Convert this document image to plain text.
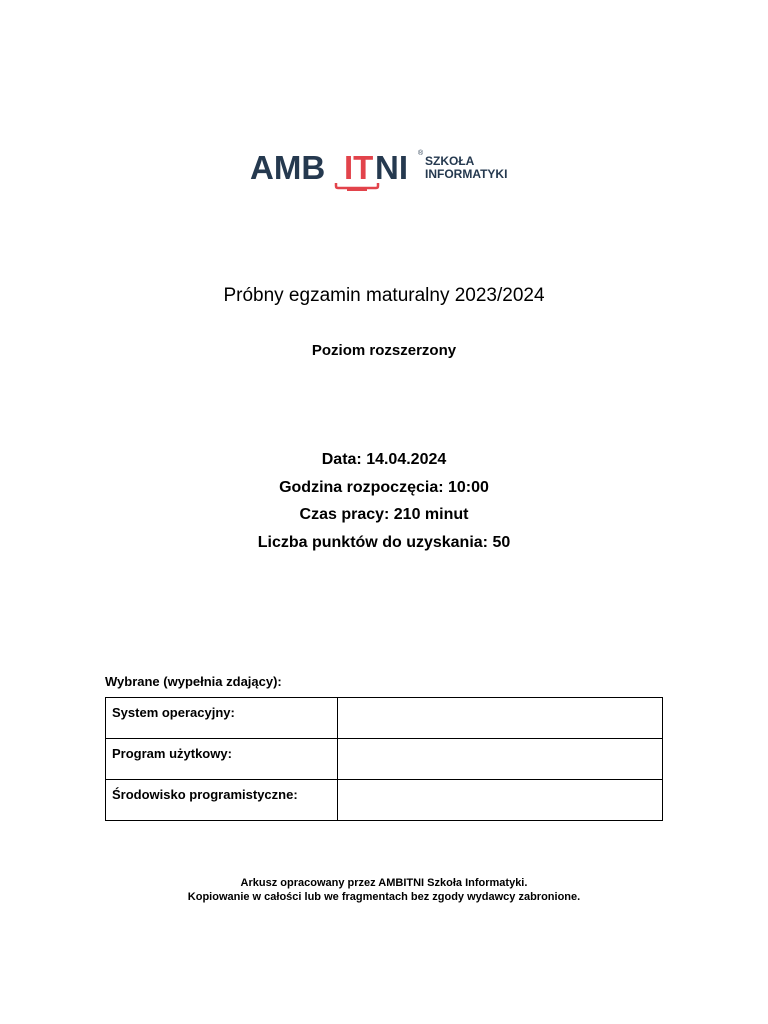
AMB IT NI ®
SZKOŁA
INFORMATYKI
Próbny egzamin maturalny 2023/2024
Poziom rozszerzony
Data: 14.04.2024
Godzina rozpoczęcia: 10:00
Czas pracy: 210 minut
Liczba punktów do uzyskania: 50
Wybrane (wypełnia zdający):
System operacyjny:	

Program użytkowy:	

Środowisko programistyczne:	

Arkusz opracowany przez AMBITNI Szkoła Informatyki.
Kopiowanie w całości lub we fragmentach bez zgody wydawcy zabronione.
